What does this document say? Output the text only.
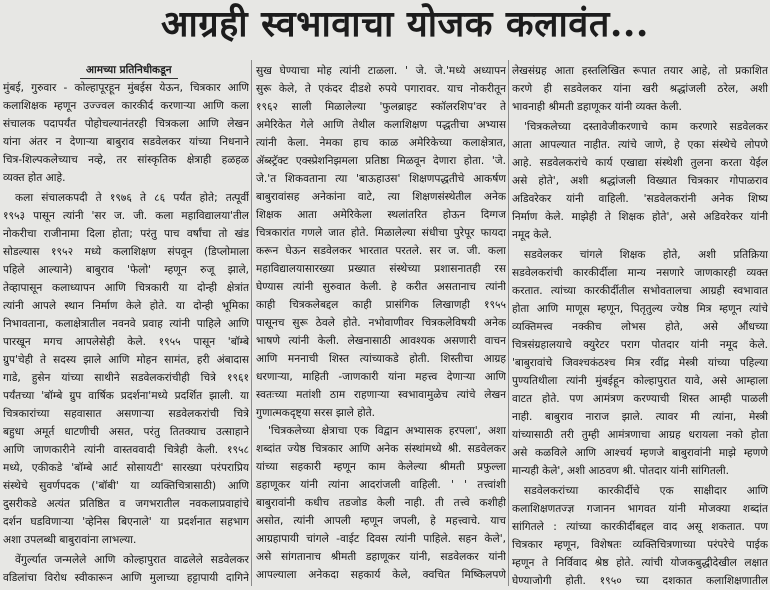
आग्रही स्वभावाचा योजक कलावंत...
आमच्या प्रतिनिधीकडून
मुंबई, गुरुवार - कोल्हापूरहून मुंबईस येऊन, चित्रकार आणि
कलाशिक्षक म्हणून उज्ज्वल कारकीर्द करणाऱ्या आणि कला
संचालक पदापर्यंत पोहोचल्यानंतरही चित्रकला आणि लेखन
यांना अंतर न देणाऱ्या बाबुराव सडवेलकर यांच्या निधनाने
चित्र-शिल्पकलेच्याच नव्हे, तर सांस्कृतिक क्षेत्राही हळहळ
व्यक्त होत आहे.
कला संचालकपदी ते १९७६ ते ८६ पर्यंत होते; तत्पूर्वी
१९५३ पासून त्यांनी 'सर ज. जी. कला महाविद्यालया'तील
नोकरीचा राजीनामा दिला होता; परंतु पाच वर्षांचा तो खंड
सोडल्यास १९५२ मध्ये कलाशिक्षण संपवून (डिप्लोमाला
पहिले आल्याने) बाबुराव 'फेलो' म्हणून रुजू झाले,
तेव्हापासून कलाध्यापन आणि चित्रकारी या दोन्ही क्षेत्रांत
त्यांनी आपले स्थान निर्माण केले होते. या दोन्ही भूमिका
निभावताना, कलाक्षेत्रातील नवनवे प्रवाह त्यांनी पाहिले आणि
पारखून मगच आपलेसेही केले. १९५५ पासून 'बॉम्बे
ग्रुप'चेही ते सदस्य झाले आणि मोहन सामंत, हरी अंबादास
गाडे, हुसेन यांच्या साथीने सडवेलकरांचीही चित्रे १९६१
पर्यंतच्या 'बॉम्बे ग्रुप वार्षिक प्रदर्शना'मध्ये प्रदर्शित झाली. या
चित्रकारांच्या सहवासात असणाऱ्या सडवेलकरांची चित्रे
बहुधा अमूर्त धाटणीची असत, परंतु तितक्याच उत्साहाने
आणि जाणकारीने त्यांनी वास्तववादी चित्रेही केली. १९५८
मध्ये, एकीकडे 'बॉम्बे आर्ट सोसायटी' सारख्या परंपराप्रिय
संस्थेचे सुवर्णपदक ('बॉबी' या व्यक्तिचित्रासाठी) आणि
दुसरीकडे अत्यंत प्रतिष्ठित व जगभरातील नवकलाप्रवाहांचे
दर्शन घडविणाऱ्या 'व्हेनिस बिएनाले' या प्रदर्शनात सहभाग
अशा उपलब्धी बाबुरावांना लाभल्या.
वेंगुर्ल्यात जन्मलेले आणि कोल्हापुरात वाढलेले सडवेलकर
वडिलांचा विरोध स्वीकारून आणि मुलाच्या हट्टापायी दागिने
सुख घेण्याचा मोह त्यांनी टाळला. ' जे. जे.'मध्ये अध्यापन
सुरू केले, ते एकंदर दीडशे रुपये पगारावर. याच नोकरीतून
१९६२ साली मिळालेल्या 'फुलब्राइट स्कॉलरशिप'वर ते
अमेरिकेत गेले आणि तेथील कलाशिक्षण पद्धतीचा अभ्यास
त्यांनी केला. नेमका हाच काळ अमेरिकेच्या कलाक्षेत्रात,
ॲब्स्ट्रॅक्ट एक्स्प्रेशनिझमला प्रतिष्ठा मिळवून देणारा होता. 'जे.
जे.'त शिकवताना त्या 'बाऊहाउस' शिक्षणपद्धतीचे आकर्षण
बाबुरावांसह अनेकांना वाटे, त्या शिक्षणसंस्थेतील अनेक
शिक्षक आता अमेरिकेला स्थलांतरित होऊन दिग्गज
चित्रकारांत गणले जात होते. मिळालेल्या संधीचा पुरेपूर फायदा
करून घेऊन सडवेलकर भारतात परतले. सर ज. जी. कला
महाविद्यालयासारख्या प्रख्यात संस्थेच्या प्रशासनातही रस
घेण्यास त्यांनी सुरुवात केली. हे करीत असतानाच त्यांनी
काही चित्रकलेबद्दल काही प्रासंगिक लिखाणही १९५५
पासूनच सुरू ठेवले होते. नभोवाणीवर चित्रकलेविषयी अनेक
भाषणे त्यांनी केली. लेखनासाठी आवश्यक असणारी वाचन
आणि मननाची शिस्त त्यांच्याकडे होती. शिस्तीचा आग्रह
धरणाऱ्या, माहिती -जाणकारी यांना महत्त्व देणाऱ्या आणि
स्वतःच्या मतांशी ठाम राहणाऱ्या स्वभावामुळेच त्यांचे लेखन
गुणात्मकदृष्ट्या सरस झाले होते.
'चित्रकलेच्या क्षेत्राचा एक विद्वान अभ्यासक हरपला', अशा
शब्दांत ज्येष्ठ चित्रकार आणि अनेक संस्थांमध्ये श्री. सडवेलकर
यांच्या सहकारी म्हणून काम केलेल्या श्रीमती प्रफुल्ला
डहाणूकर यांनी त्यांना आदरांजली वाहिली. ' ' तत्त्वांशी
बाबुरावांनी कधीच तडजोड केली नाही. ती तत्त्वे कशीही
असोत, त्यांनी आपली म्हणून जपली, हे महत्त्वाचे. याच
आग्रहापायी चांगले -वाईट दिवस त्यांनी पाहिले. सहन केले',
असे सांगतानाच श्रीमती डहाणूकर यांनी, सडवेलकर यांनी
आपल्याला अनेकदा सहकार्य केले, क्वचित मिष्किलपणे
लेखसंग्रह आता हस्तलिखित रूपात तयार आहे, तो प्रकाशित
करणे ही सडवेलकर यांना खरी श्रद्धांजली ठरेल, अशी
भावनाही श्रीमती डहाणूकर यांनी व्यक्त केली.
'चित्रकलेच्या दस्तावेजीकरणाचे काम करणारे सडवेलकर
आता आपल्यात नाहीत. त्यांचे जाणे, हे एका संस्थेचे लोपणे
आहे. सडवेलकरांचे कार्य एखाद्या संस्थेशी तुलना करता येईल
असे होते', अशी श्रद्धांजली विख्यात चित्रकार गोपाळराव
अडिवरेकर यांनी वाहिली. 'सडवेलकरांनी अनेक शिष्य
निर्माण केले. माझेही ते शिक्षक होते', असे अडिवरेकर यांनी
नमूद केले.
सडवेलकर चांगले शिक्षक होते, अशी प्रतिक्रिया
सडवेलकरांची कारकीर्दीला मान्य नसणारे जाणकारही व्यक्त
करतात. त्यांच्या कारकीर्दीतील सभोवतालचा आग्रही स्वभावात
होता आणि माणूस म्हणून, पितृतुल्य ज्येष्ठ मित्र म्हणून त्यांचे
व्यक्तिमत्त्व नक्कीच लोभस होते, असे औंधच्या
चित्रसंग्रहालयाचे क्युरेटर पराग पोतदार यांनी नमूद केले.
'बाबुरावांचे जिवश्चकंठश्च मित्र रवींद्र मेस्त्री यांच्या पहिल्या
पुण्यतिथीला त्यांनी मुंबईहून कोल्हापुरात यावे, असे आम्हाला
वाटत होते. पण आमंत्रण करण्याची शिस्त आम्ही पाळली
नाही. बाबुराव नाराज झाले. त्यावर मी त्यांना, मेस्त्री
यांच्यासाठी तरी तुम्ही आमंत्रणाचा आग्रह धरायला नको होता
असे कळविले आणि आश्चर्य म्हणजे बाबुरावांनी माझे म्हणणे
मान्यही केले', अशी आठवण श्री. पोतदार यांनी सांगितली.
सडवेलकरांच्या कारकीर्दीचे एक साक्षीदार आणि
कलाशिक्षणतज्ज्ञ गजानन भागवत यांनी मोजक्या शब्दांत
सांगितले : त्यांच्या कारकीर्दीबद्दल वाद असू शकतात. पण
चित्रकार म्हणून, विशेषतः व्यक्तिचित्रणाच्या परंपरेचे पाईक
म्हणून ते निर्विवाद श्रेष्ठ होते. त्यांची योजकबुद्धीदेखील लक्षात
घेण्याजोगी होती. १९५० च्या दशकात कलाशिक्षणातील
